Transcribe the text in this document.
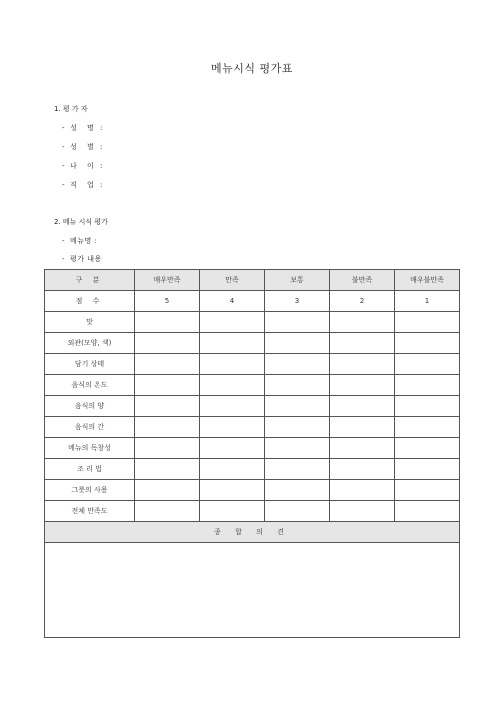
메뉴시식 평가표
1. 평 가 자
- 성 명 :
- 성 별 :
- 나 이 :
- 직 업 :
2. 메뉴 시식 평가
- 메뉴명 :
- 평가 내용
구 분	매우만족	만족	보통	불만족	매우불만족
점 수	5	4	3	2	1
맛					
외관(모양, 색)					
담기 상태					
음식의 온도					
음식의 양					
음식의 간					
메뉴의 독창성					
조 리 법					
그릇의 사용					
전체 만족도					
종 합 의 견					
